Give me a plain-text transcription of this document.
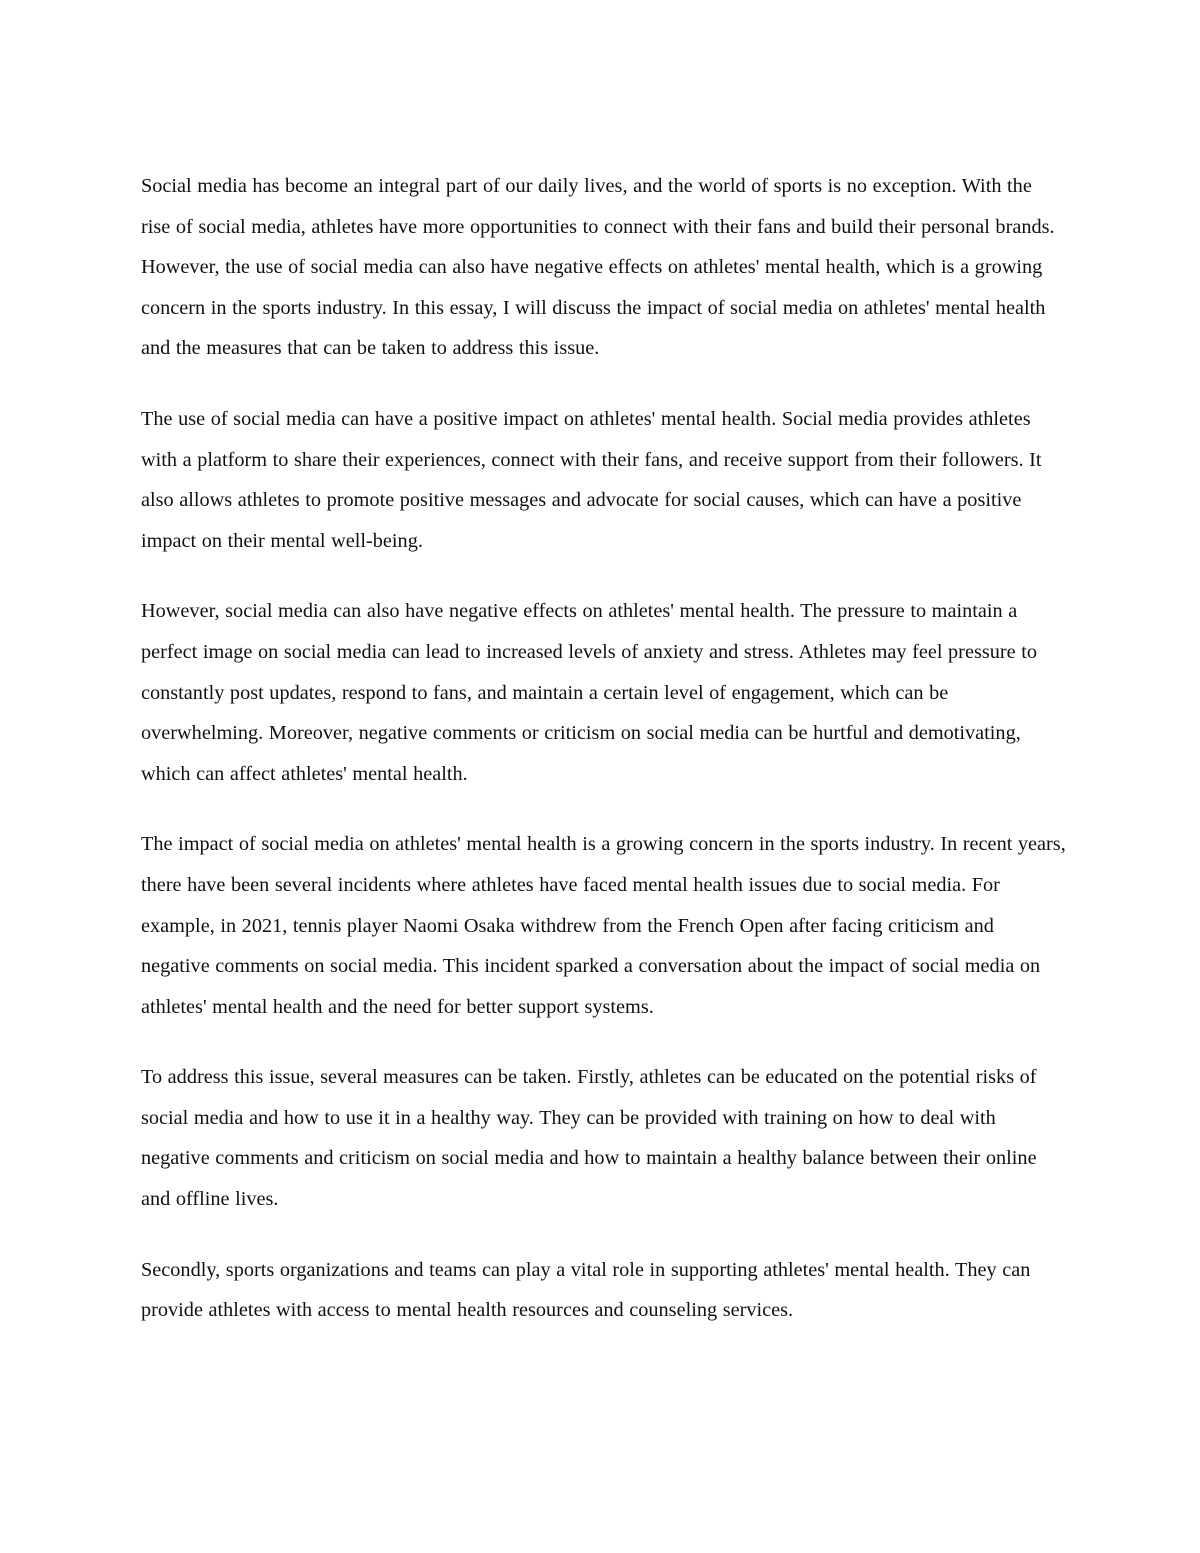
Social media has become an integral part of our daily lives, and the world of sports is no exception. With the rise of social media, athletes have more opportunities to connect with their fans and build their personal brands. However, the use of social media can also have negative effects on athletes' mental health, which is a growing concern in the sports industry. In this essay, I will discuss the impact of social media on athletes' mental health and the measures that can be taken to address this issue.

The use of social media can have a positive impact on athletes' mental health. Social media provides athletes with a platform to share their experiences, connect with their fans, and receive support from their followers. It also allows athletes to promote positive messages and advocate for social causes, which can have a positive impact on their mental well-being.

However, social media can also have negative effects on athletes' mental health. The pressure to maintain a perfect image on social media can lead to increased levels of anxiety and stress. Athletes may feel pressure to constantly post updates, respond to fans, and maintain a certain level of engagement, which can be overwhelming. Moreover, negative comments or criticism on social media can be hurtful and demotivating, which can affect athletes' mental health.

The impact of social media on athletes' mental health is a growing concern in the sports industry. In recent years, there have been several incidents where athletes have faced mental health issues due to social media. For example, in 2021, tennis player Naomi Osaka withdrew from the French Open after facing criticism and negative comments on social media. This incident sparked a conversation about the impact of social media on athletes' mental health and the need for better support systems.

To address this issue, several measures can be taken. Firstly, athletes can be educated on the potential risks of social media and how to use it in a healthy way. They can be provided with training on how to deal with negative comments and criticism on social media and how to maintain a healthy balance between their online and offline lives.

Secondly, sports organizations and teams can play a vital role in supporting athletes' mental health. They can provide athletes with access to mental health resources and counseling services.
